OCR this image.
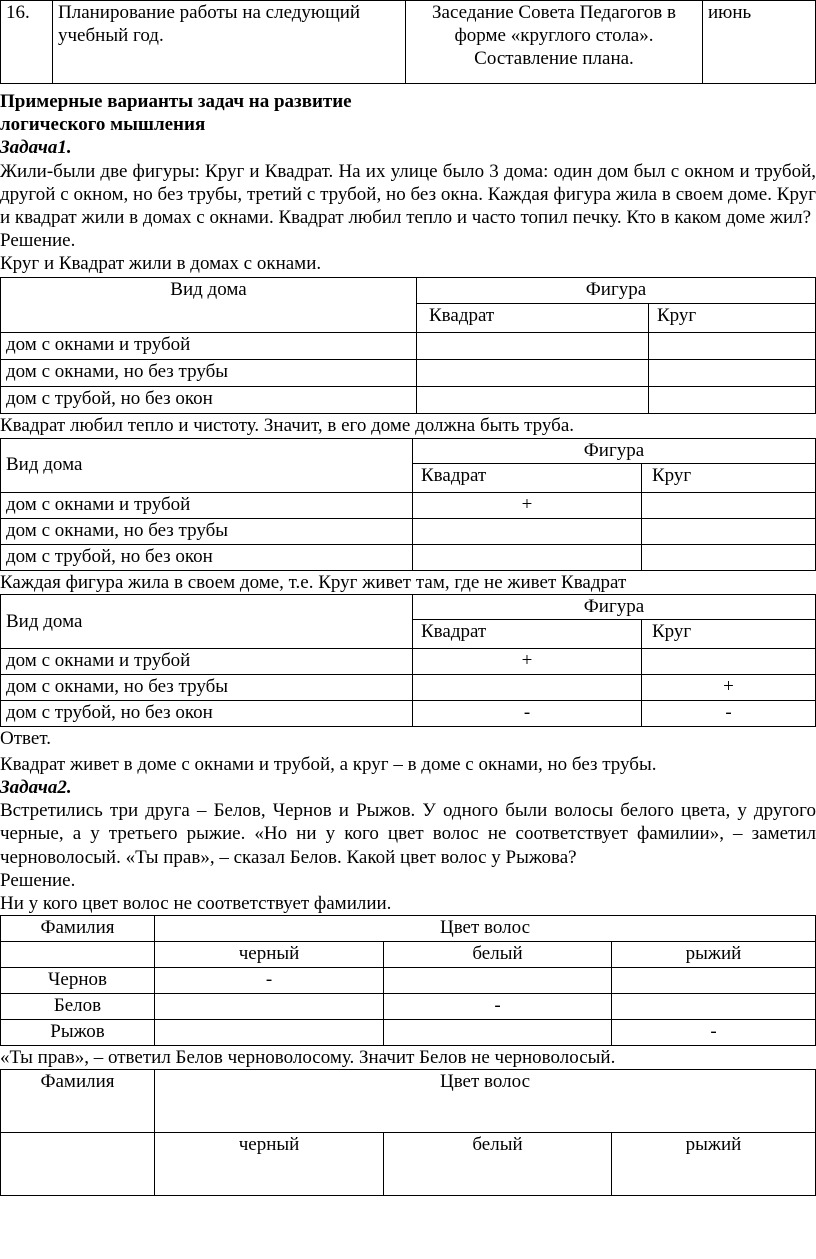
16.	Планирование работы на следующий учебный год.	Заседание Совета Педагогов в форме «круглого стола». Составление плана.	июнь

Примерные варианты задач на развитие логического мышления

Задача1.

Жили-были две фигуры: Круг и Квадрат. На их улице было 3 дома: один дом был с окном и трубой, другой с окном, но без трубы, третий с трубой, но без окна. Каждая фигура жила в своем доме. Круг и квадрат жили в домах с окнами. Квадрат любил тепло и часто топил печку. Кто в каком доме жил?

Решение.

Круг и Квадрат жили в домах с окнами.

Вид дома	Фигура	
	Квадрат	Круг
дом с окнами и трубой		
дом с окнами, но без трубы		
дом с трубой, но без окон		

Квадрат любил тепло и чистоту. Значит, в его доме должна быть труба.

Вид дома	Фигура	
	Квадрат	Круг
дом с окнами и трубой	+	
дом с окнами, но без трубы		
дом с трубой, но без окон		

Каждая фигура жила в своем доме, т.е. Круг живет там, где не живет Квадрат

Вид дома	Фигура	
	Квадрат	Круг
дом с окнами и трубой	+	
дом с окнами, но без трубы		+
дом с трубой, но без окон	-	-

Ответ.

Квадрат живет в доме с окнами и трубой, а круг – в доме с окнами, но без трубы.

Задача2.

Встретились три друга – Белов, Чернов и Рыжов. У одного были волосы белого цвета, у другого черные, а у третьего рыжие. «Но ни у кого цвет волос не соответствует фамилии», – заметил черноволосый. «Ты прав», – сказал Белов. Какой цвет волос у Рыжова?

Решение.

Ни у кого цвет волос не соответствует фамилии.

Фамилия	Цвет волос		
	черный	белый	рыжий
Чернов	-		
Белов		-	
Рыжов			-

«Ты прав», – ответил Белов черноволосому. Значит Белов не черноволосый.

Фамилия	Цвет волос		
	черный	белый	рыжий
